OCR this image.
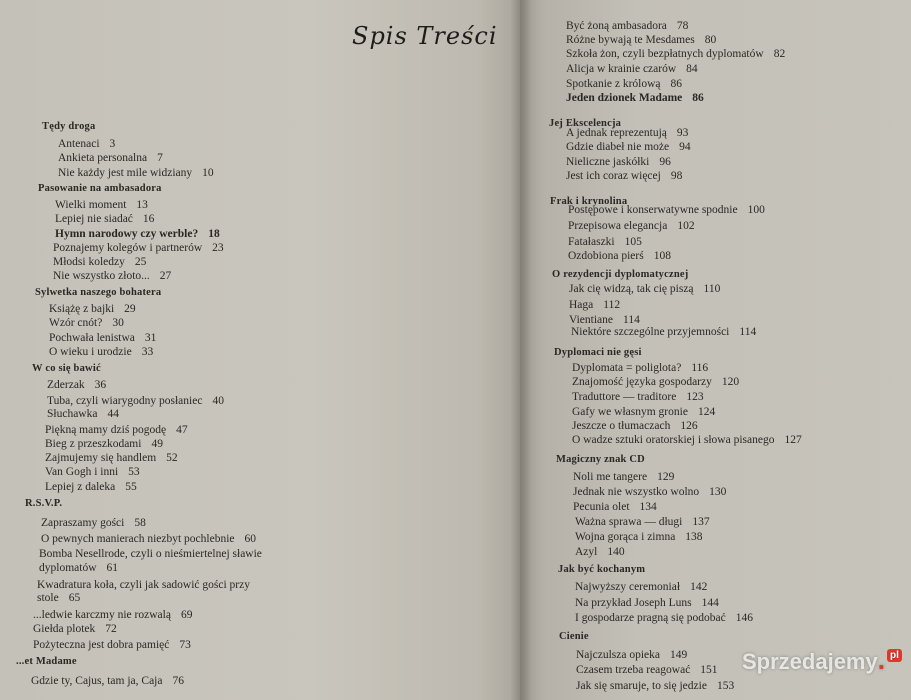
Spis Treści
Tędy droga
Antenaci 3
Ankieta personalna 7
Nie każdy jest mile widziany 10
Pasowanie na ambasadora
Wielki moment 13
Lepiej nie siadać 16
Hymn narodowy czy werble? 18
Poznajemy kolegów i partnerów 23
Młodsi koledzy 25
Nie wszystko złoto... 27
Sylwetka naszego bohatera
Książę z bajki 29
Wzór cnót? 30
Pochwała lenistwa 31
O wieku i urodzie 33
W co się bawić
Zderzak 36
Tuba, czyli wiarygodny posłaniec 40
Słuchawka 44
Piękną mamy dziś pogodę 47
Bieg z przeszkodami 49
Zajmujemy się handlem 52
Van Gogh i inni 53
Lepiej z daleka 55
R.S.V.P.
Zapraszamy gości 58
O pewnych manierach niezbyt pochlebnie 60
Bomba Nesellrode, czyli o nieśmiertelnej sławie
dyplomatów 61
Kwadratura koła, czyli jak sadowić gości przy
stole 65
...ledwie karczmy nie rozwalą 69
Giełda plotek 72
Pożyteczna jest dobra pamięć 73
...et Madame
Gdzie ty, Cajus, tam ja, Caja 76
Być żoną ambasadora 78
Różne bywają te Mesdames 80
Szkoła żon, czyli bezpłatnych dyplomatów 82
Alicja w krainie czarów 84
Spotkanie z królową 86
Jeden dzionek Madame 86
Jej Ekscelencja
A jednak reprezentują 93
Gdzie diabeł nie może 94
Nieliczne jaskółki 96
Jest ich coraz więcej 98
Frak i krynolina
Postępowe i konserwatywne spodnie 100
Przepisowa elegancja 102
Fatałaszki 105
Ozdobiona pierś 108
O rezydencji dyplomatycznej
Jak cię widzą, tak cię piszą 110
Haga 112
Vientiane 114
Niektóre szczególne przyjemności 114
Dyplomaci nie gęsi
Dyplomata = poliglota? 116
Znajomość języka gospodarzy 120
Traduttore — traditore 123
Gafy we własnym gronie 124
Jeszcze o tłumaczach 126
O wadze sztuki oratorskiej i słowa pisanego 127
Magiczny znak CD
Noli me tangere 129
Jednak nie wszystko wolno 130
Pecunia olet 134
Ważna sprawa — długi 137
Wojna gorąca i zimna 138
Azyl 140
Jak być kochanym
Najwyższy ceremoniał 142
Na przykład Joseph Luns 144
I gospodarze pragną się podobać 146
Cienie
Najczulsza opieka 149
Czasem trzeba reagować 151
Jak się smaruje, to się jedzie 153
Sprzedajemy. pl
